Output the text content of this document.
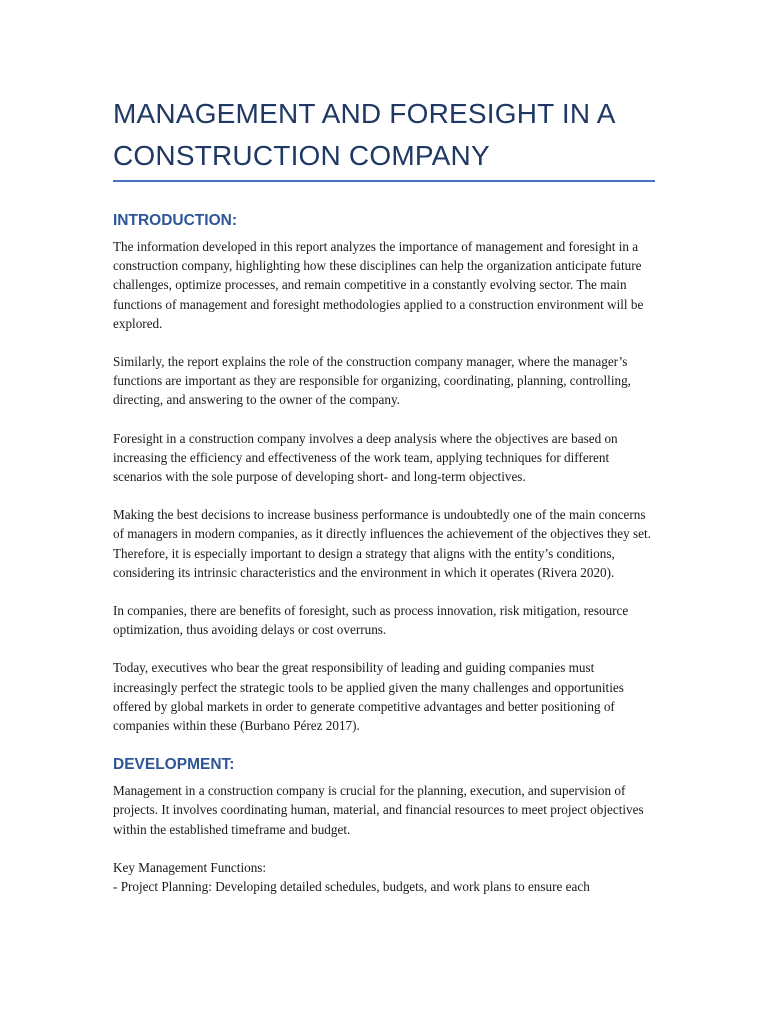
MANAGEMENT AND FORESIGHT IN A CONSTRUCTION COMPANY
INTRODUCTION:

The information developed in this report analyzes the importance of management and foresight in a construction company, highlighting how these disciplines can help the organization anticipate future challenges, optimize processes, and remain competitive in a constantly evolving sector. The main functions of management and foresight methodologies applied to a construction environment will be explored.

Similarly, the report explains the role of the construction company manager, where the manager’s functions are important as they are responsible for organizing, coordinating, planning, controlling, directing, and answering to the owner of the company.

Foresight in a construction company involves a deep analysis where the objectives are based on increasing the efficiency and effectiveness of the work team, applying techniques for different scenarios with the sole purpose of developing short- and long-term objectives.

Making the best decisions to increase business performance is undoubtedly one of the main concerns of managers in modern companies, as it directly influences the achievement of the objectives they set. Therefore, it is especially important to design a strategy that aligns with the entity’s conditions, considering its intrinsic characteristics and the environment in which it operates (Rivera 2020).

In companies, there are benefits of foresight, such as process innovation, risk mitigation, resource optimization, thus avoiding delays or cost overruns.

Today, executives who bear the great responsibility of leading and guiding companies must increasingly perfect the strategic tools to be applied given the many challenges and opportunities offered by global markets in order to generate competitive advantages and better positioning of companies within these (Burbano Pérez 2017).

DEVELOPMENT:

Management in a construction company is crucial for the planning, execution, and supervision of projects. It involves coordinating human, material, and financial resources to meet project objectives within the established timeframe and budget.

Key Management Functions:

- Project Planning: Developing detailed schedules, budgets, and work plans to ensure each
